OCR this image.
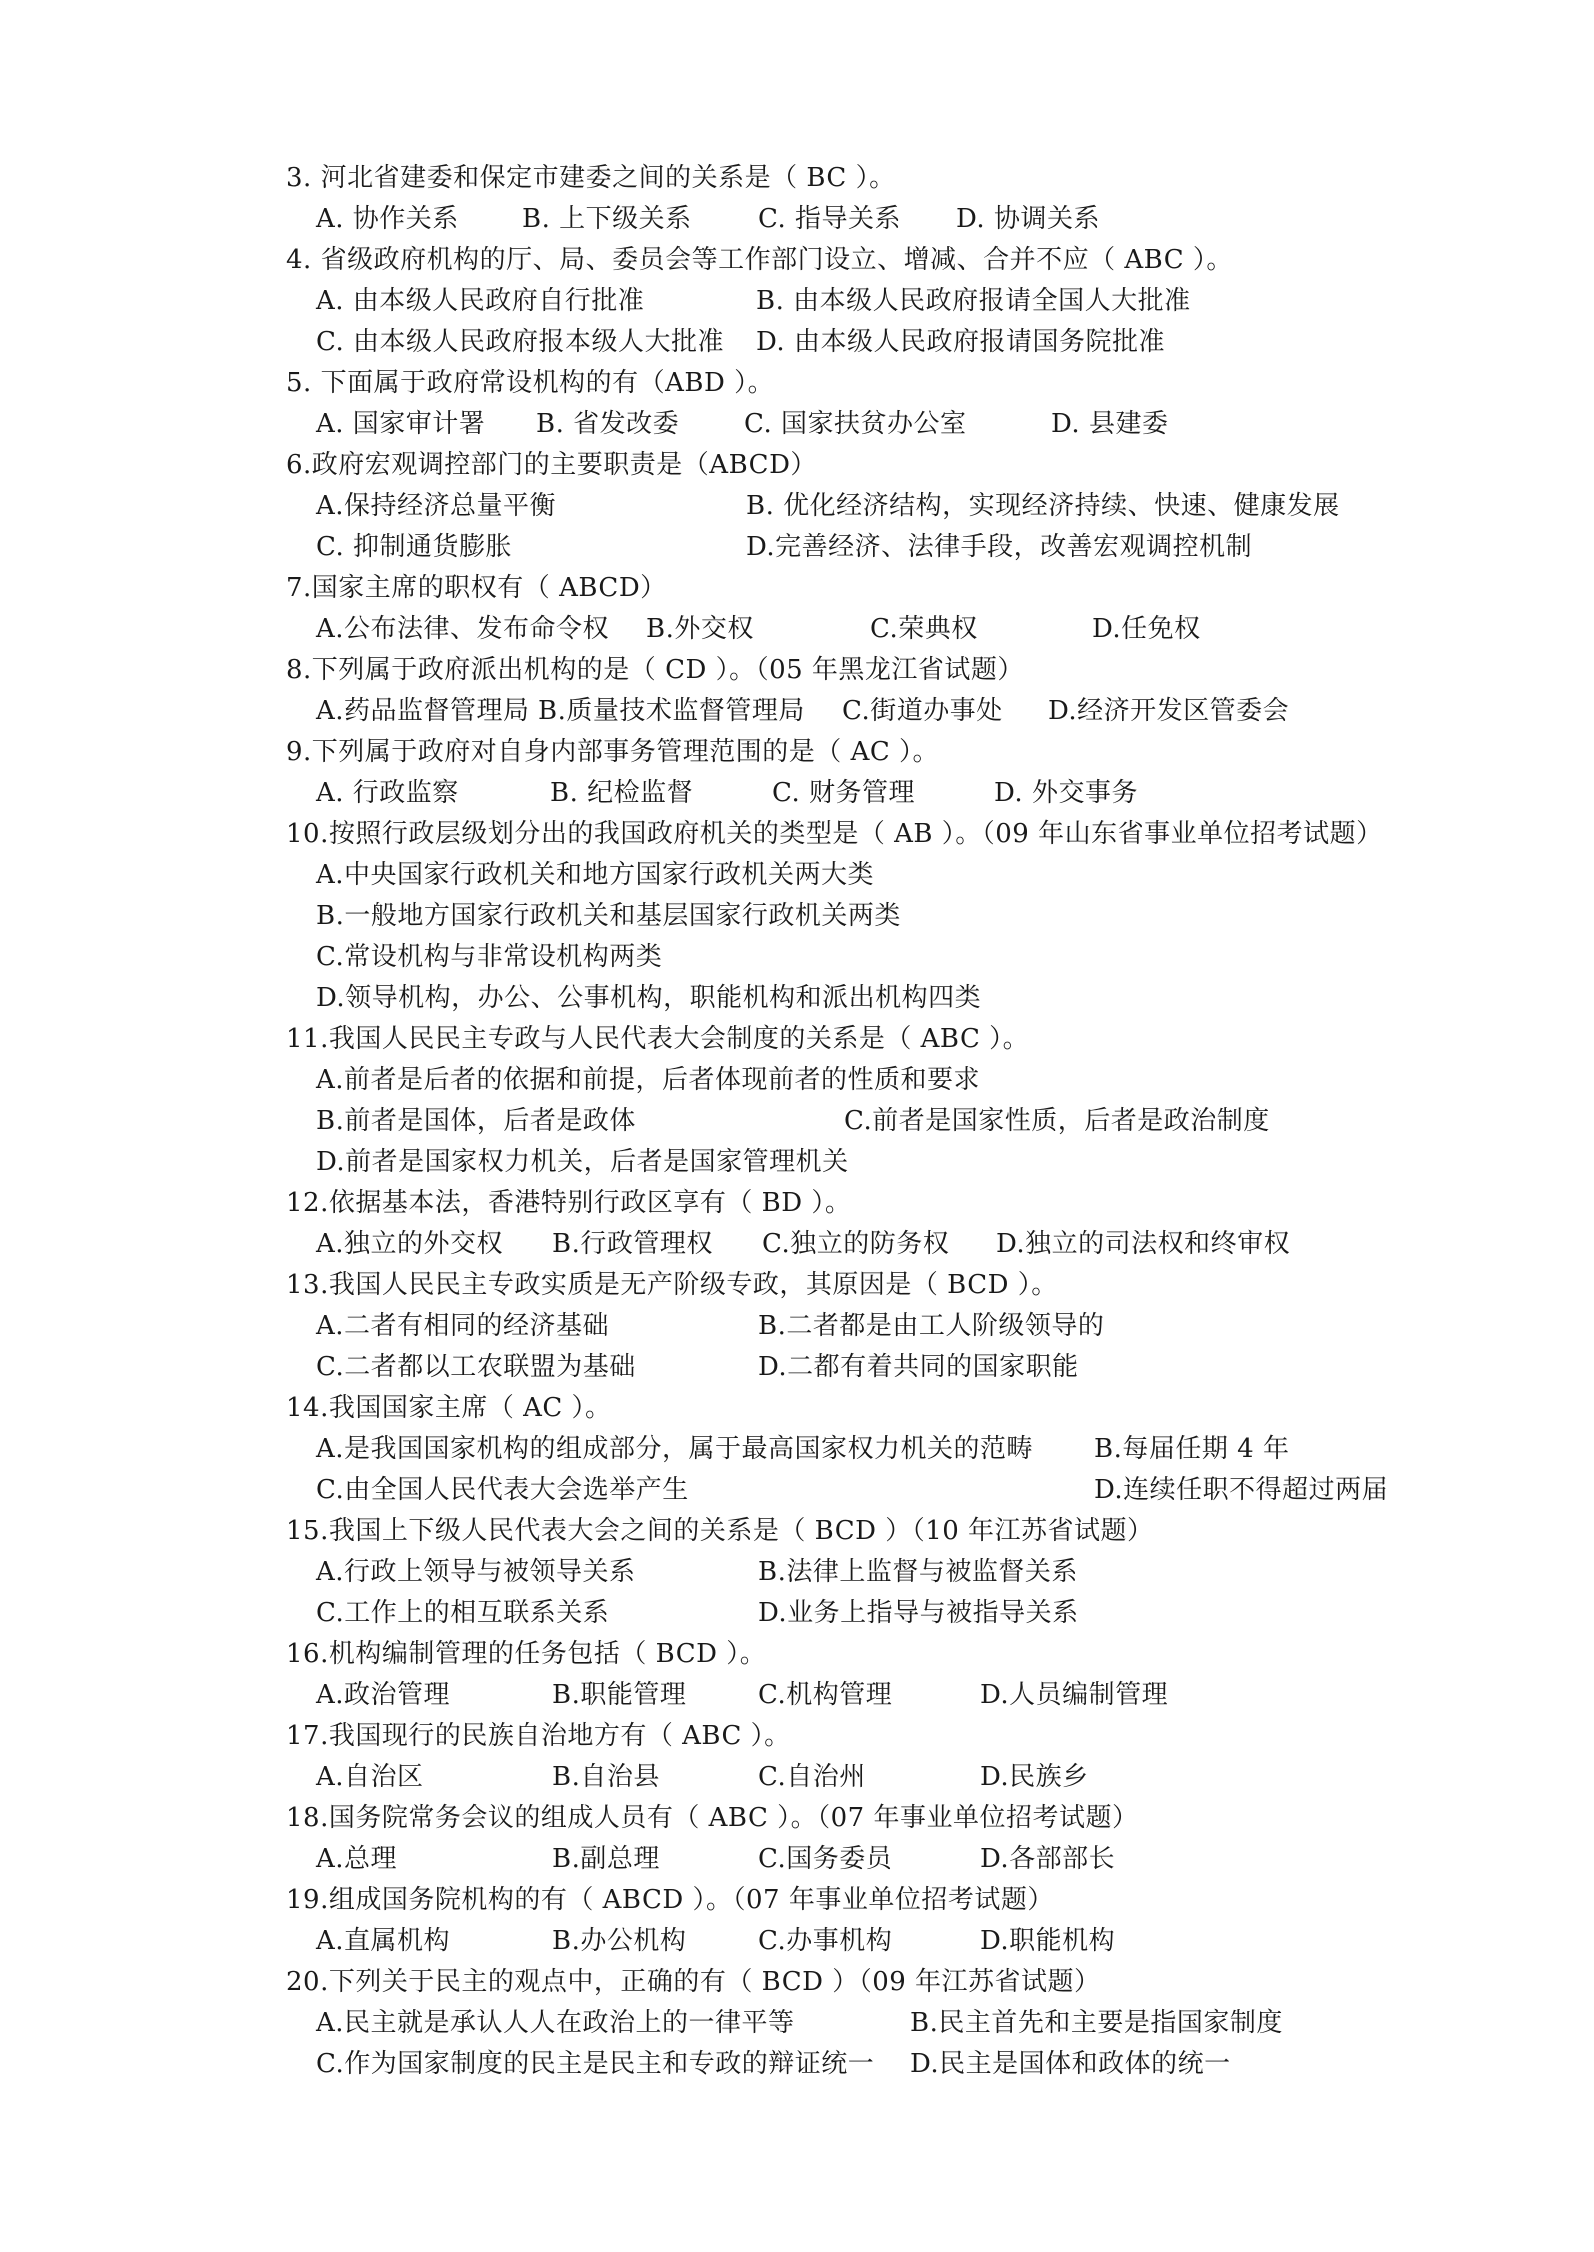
3. 河北省建委和保定市建委之间的关系是（ BC ）。
A. 协作关系 B. 上下级关系	C. 指导关系 D. 协调关系
4. 省级政府机构的厅、局、委员会等工作部门设立、增减、合并不应（ ABC ）。
A. 由本级人民政府自行批准	B. 由本级人民政府报请全国人大批准
C. 由本级人民政府报本级人大批准 D. 由本级人民政府报请国务院批准
5. 下面属于政府常设机构的有（ABD ）。
A. 国家审计署 B. 省发改委 C. 国家扶贫办公室	D. 县建委
6.政府宏观调控部门的主要职责是（ABCD）
A.保持经济总量平衡	B. 优化经济结构，实现经济持续、快速、健康发展
C. 抑制通货膨胀	D.完善经济、法律手段，改善宏观调控机制
7.国家主席的职权有（ ABCD）
A.公布法律、发布命令权 B.外交权	C.荣典权	D.任免权
8.下列属于政府派出机构的是（ CD ）。（05 年黑龙江省试题）
A.药品监督管理局 B.质量技术监督管理局 C.街道办事处 D.经济开发区管委会
9.下列属于政府对自身内部事务管理范围的是（ AC ）。
A. 行政监察	B. 纪检监督	C. 财务管理	D. 外交事务
10.按照行政层级划分出的我国政府机关的类型是（ AB ）。（09 年山东省事业单位招考试题）
A.中央国家行政机关和地方国家行政机关两大类
B.一般地方国家行政机关和基层国家行政机关两类
C.常设机构与非常设机构两类
D.领导机构，办公、公事机构，职能机构和派出机构四类
11.我国人民民主专政与人民代表大会制度的关系是（ ABC ）。
A.前者是后者的依据和前提，后者体现前者的性质和要求
B.前者是国体，后者是政体	C.前者是国家性质，后者是政治制度
D.前者是国家权力机关，后者是国家管理机关
12.依据基本法，香港特别行政区享有（ BD ）。
A.独立的外交权 B.行政管理权 C.独立的防务权 D.独立的司法权和终审权
13.我国人民民主专政实质是无产阶级专政，其原因是（ BCD ）。
A.二者有相同的经济基础	B.二者都是由工人阶级领导的
C.二者都以工农联盟为基础	D.二都有着共同的国家职能
14.我国国家主席（ AC ）。
A.是我国国家机构的组成部分，属于最高国家权力机关的范畴 B.每届任期 4 年
C.由全国人民代表大会选举产生	D.连续任职不得超过两届
15.我国上下级人民代表大会之间的关系是（ BCD ）（10 年江苏省试题）
A.行政上领导与被领导关系	B.法律上监督与被监督关系
C.工作上的相互联系关系	D.业务上指导与被指导关系
16.机构编制管理的任务包括（ BCD ）。
A.政治管理	B.职能管理	C.机构管理	D.人员编制管理
17.我国现行的民族自治地方有（ ABC ）。
A.自治区	B.自治县	C.自治州	D.民族乡
18.国务院常务会议的组成人员有（ ABC ）。（07 年事业单位招考试题）
A.总理	B.副总理	C.国务委员	D.各部部长
19.组成国务院机构的有（ ABCD ）。（07 年事业单位招考试题）
A.直属机构	B.办公机构	C.办事机构	D.职能机构
20.下列关于民主的观点中，正确的有（ BCD ）（09 年江苏省试题）
A.民主就是承认人人在政治上的一律平等	B.民主首先和主要是指国家制度
C.作为国家制度的民主是民主和专政的辩证统一 D.民主是国体和政体的统一
